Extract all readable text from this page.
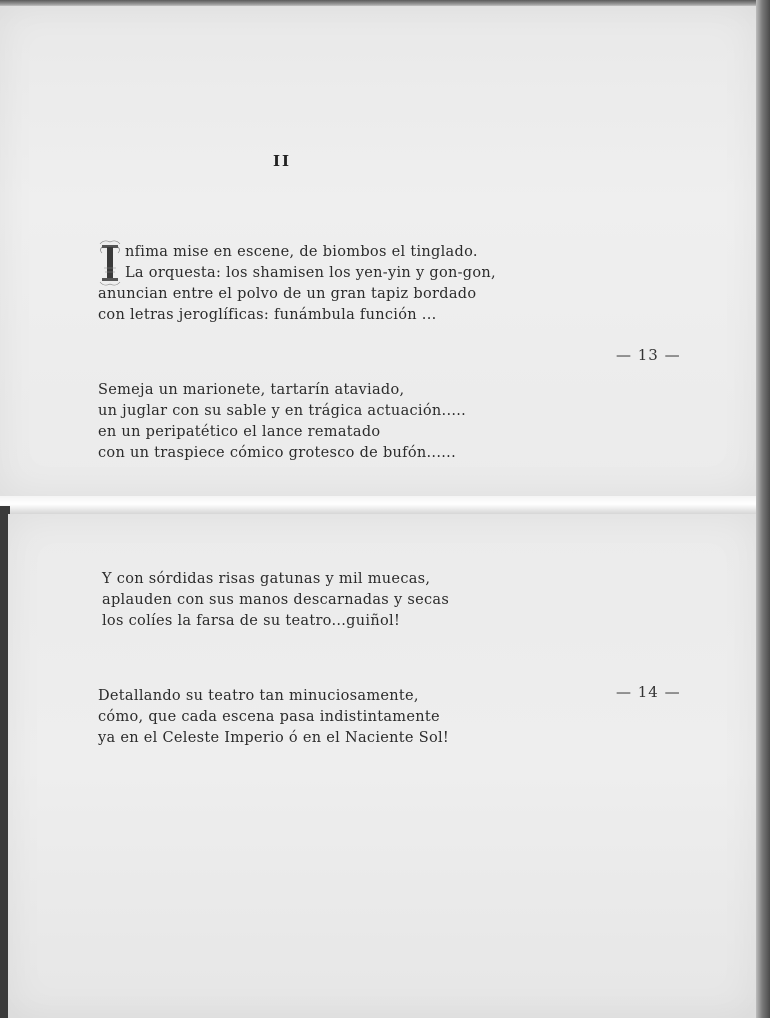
II
nfima mise en escene, de biombos el tinglado.
La orquesta: los shamisen los yen-yin y gon-gon,
anuncian entre el polvo de un gran tapiz bordado
con letras jeroglíficas: funámbula función ...
— 13 —
Semeja un marionete, tartarín ataviado,
un juglar con su sable y en trágica actuación.....
en un peripatético el lance rematado
con un traspiece cómico grotesco de bufón......
Y con sórdidas risas gatunas y mil muecas,
aplauden con sus manos descarnadas y secas
los colíes la farsa de su teatro...guiñol!
— 14 —
Detallando su teatro tan minuciosamente,
cómo, que cada escena pasa indistintamente
ya en el Celeste Imperio ó en el Naciente Sol!
